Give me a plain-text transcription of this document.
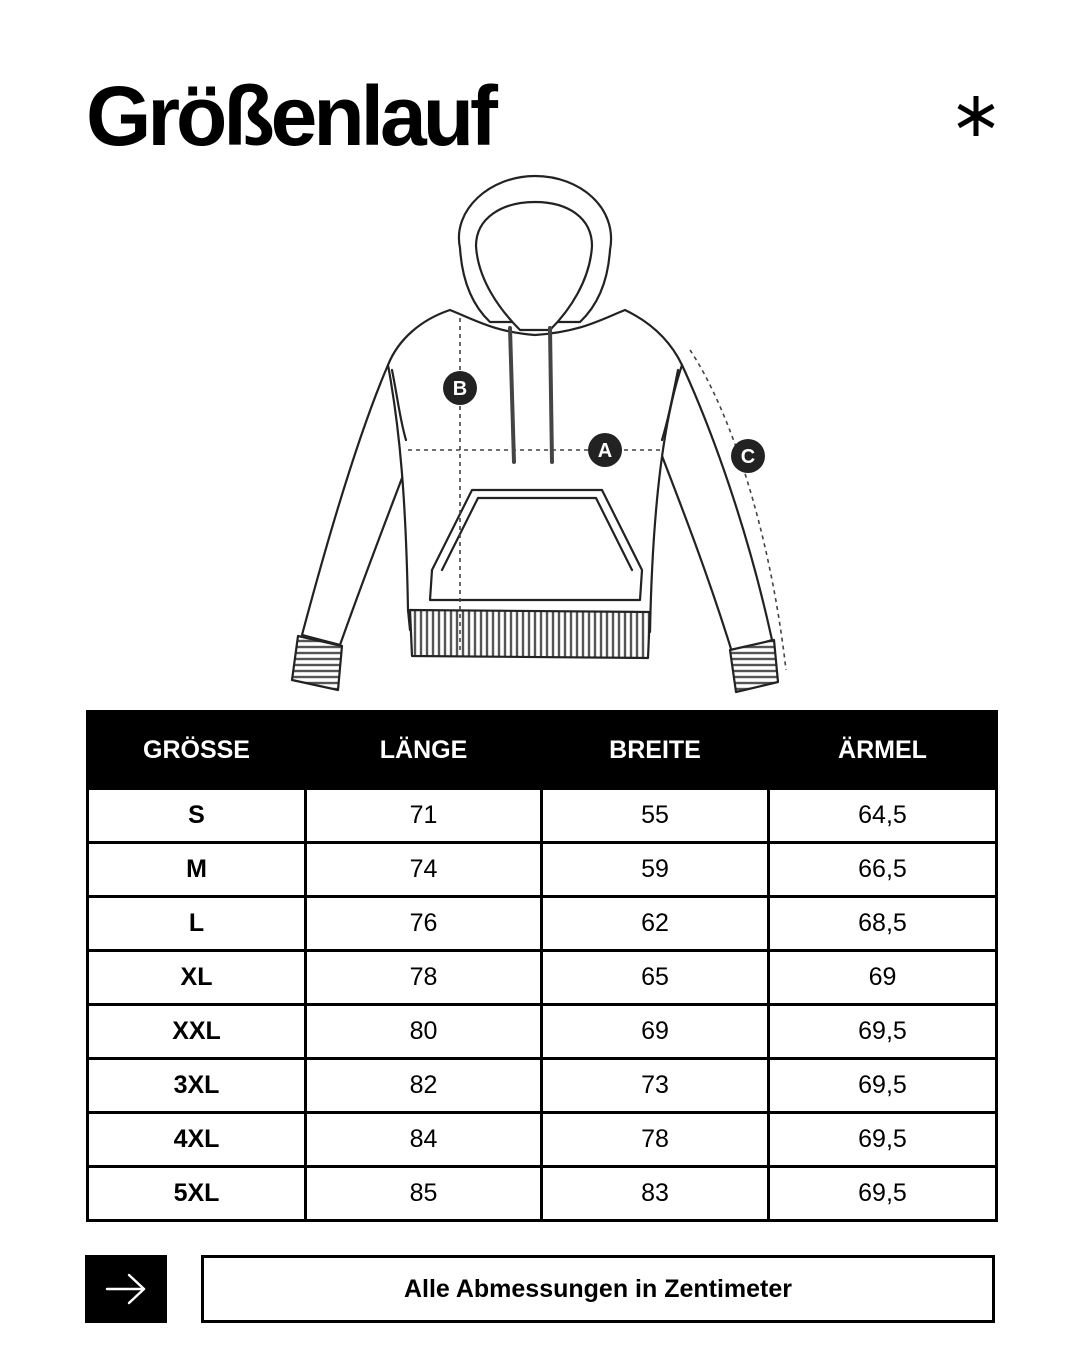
Größenlauf
B
A	C
GRÖSSE	LÄNGE	BREITE	ÄRMEL
S	71	55	64,5
M	74	59	66,5
L	76	62	68,5
XL	78	65	69
XXL	80	69	69,5
3XL	82	73	69,5
4XL	84	78	69,5
5XL	85	83	69,5
Alle Abmessungen in Zentimeter
